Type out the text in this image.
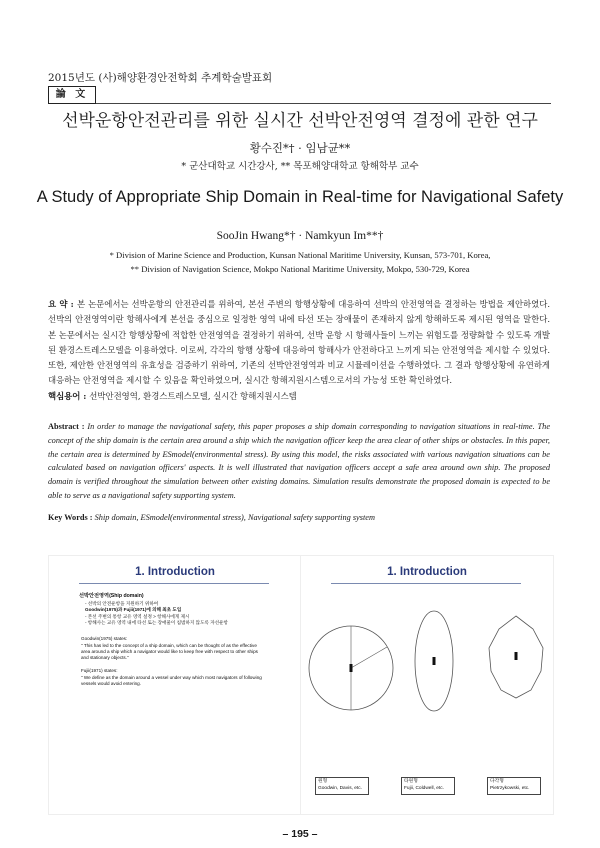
2015년도 (사)해양환경안전학회 추계학술발표회
論 文
선박운항안전관리를 위한 실시간 선박안전영역 결정에 관한 연구
황수진*† · 임남균**
* 군산대학교 시간강사, ** 목포해양대학교 항해학부 교수
A Study of Appropriate Ship Domain in Real-time for Navigational Safety
SooJin Hwang*† · Namkyun Im**†
* Division of Marine Science and Production, Kunsan National Maritime University, Kunsan, 573-701, Korea,
** Division of Navigation Science, Mokpo National Maritime University, Mokpo, 530-729, Korea
요 약 : 본 논문에서는 선박운항의 안전관리를 위하여, 본선 주변의 항행상황에 대응하여 선박의 안전영역을 결정하는 방법을 제안하였다. 선박의 안전영역이란 항해사에게 본선을 중심으로 일정한 영역 내에 타선 또는 장애물이 존재하지 않게 항해하도록 제시된 영역을 말한다. 본 논문에서는 실시간 항행상황에 적합한 안전영역을 결정하기 위하여, 선박 운항 시 항해사들이 느끼는 위험도를 정량화할 수 있도록 개발된 환경스트레스모델을 이용하였다. 이로써, 각각의 항행 상황에 대응하여 항해사가 안전하다고 느끼게 되는 안전영역을 제시할 수 있었다. 또한, 제안한 안전영역의 유효성을 검증하기 위하여, 기존의 선박안전영역과 비교 시뮬레이션을 수행하였다. 그 결과 항행상황에 유연하게 대응하는 안전영역을 제시할 수 있음을 확인하였으며, 실시간 항해지원시스템으로서의 가능성 또한 확인하였다.
핵심용어 : 선박안전영역, 환경스트레스모델, 실시간 항해지원시스템
Abstract : In order to manage the navigational safety, this paper proposes a ship domain corresponding to navigation situations in real-time. The concept of the ship domain is the certain area around a ship which the navigation officer keep the area clear of other ships or obstacles. In this paper, the certain area is determined by ESmodel(environmental stress). By using this model, the risks associated with various navigation situations can be calculated based on navigation officers' aspects. It is well illustrated that navigation officers accept a safe area around own ship. The proposed domain is verified throughout the simulation between other existing domains. Simulation results demonstrate the proposed domain is expected to be able to serve as a navigational safety supporting system.
Key Words : Ship domain, ESmodel(environmental stress), Navigational safety supporting system
1. Introduction
선박안전영역(Ship domain)
- 선박의 안전운항을 지원하기 위하여
Goodwin(1975)과 Fujii(1971)에 의해 최초 도입
- 본선 주변의 통항 교유 영역 설정 > 항해사에게 제시
- 항해사는 교유 영역 내에 타선 또는 장애물이 침범하지 않도록 자선운항
Goodwin(1975) states:
" This has led to the concept of a ship domain, which can be thought of as the effective area around a ship which a navigator would like to keep free with respect to other ships and stationary objects."
Fujii(1971) states:
" We define as the domain around a vessel under way which most navigators of following vessels would avoid entering.
1. Introduction
원형
Goodwin, Davis, etc.
타원형
Fujii, Coldwell, etc.
다각형
Pietrzykowski, etc.
– 195 –
